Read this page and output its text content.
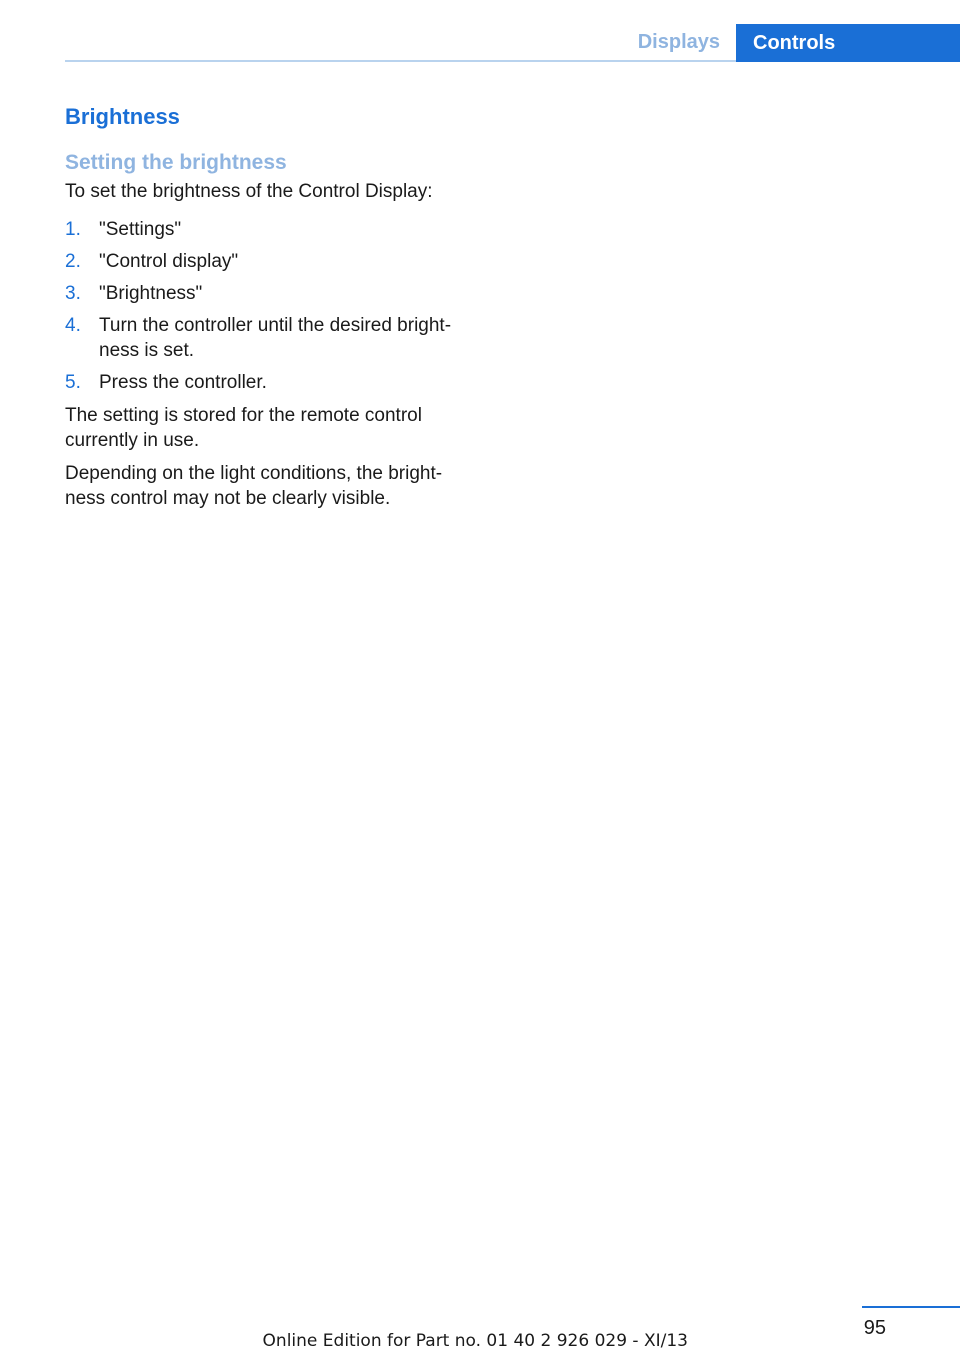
Displays	Controls
Brightness
Setting the brightness

To set the brightness of the Control Display:

1. "Settings"
2. "Control display"
3. "Brightness"
4. Turn the controller until the desired bright‐ ness is set.
5. Press the controller.

The setting is stored for the remote control currently in use.

Depending on the light conditions, the bright‐ ness control may not be clearly visible.

95
Online Edition for Part no. 01 40 2 926 029 - XI/13
